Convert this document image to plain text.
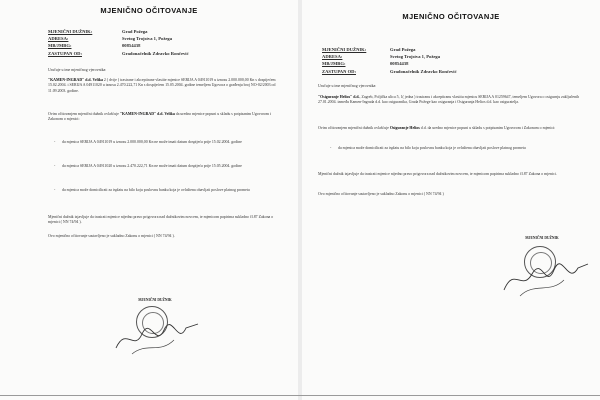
MJENIČNO OČITOVANJE
MJENIČNI DUŽNIK:	Grad Požega
ADRESA:	Svetog Trojstva 1, Požega
MB/JMBG:	00854438
ZASTUPAN OD:	Gradonačelnik Zdravko Rončević
Uručuje u ime mjeničnog vjerovnika:
"KAMEN-INGRAD" d.d. Velika 2 ( dvije ) trasirane i akceptirane vlastite mjenice SERIJA A 04911019 u iznosu 2.000.000,00 Kn s dospijećem 15.02.2004. i SERIJA A 04911020 u iznosu 2.470.222,71 Kn s dospijećem 15.05.2004. godine temeljem Ugovora o građenju broj NO-02/2003 od 11.09.2003. godine.
Ovim očitovanjem mjenični dužnik ovlašćuje "KAMEN-INGRAD" d.d. Velika da uredno mjenice popuni u skladu s potpisanim Ugovorom i Zakonom o mjenici:
- da mjenica SERIJA A 04911019 u iznosu 2.000.000,00 Kn ne može imati datum dospijeća prije 15.02.2004. godine
- da mjenica SERIJA A 04911020 u iznosu 2.470.222,71 Kn ne može imati datum dospijeća prije 15.05.2004. godine
- da mjenica može domicilirati za isplatu na bilo koju poslovnu banku koja je ovlaštena obavljati poslove platnog prometa
Mjenični dužnik izjavljuje da trasirati mjenice nijedno pravo prigovora nad dužnikovim novcem, te mjenicom papirima sukladno čl.87 Zakona o mjenici ( NN 74/94 ).
Ovo mjenično očitovanje sastavljeno je sukladno Zakonu o mjenici ( NN 74/94 ).
MJENIČNI DUŽNIK
MJENIČNO OČITOVANJE
MJENIČNI DUŽNIK:	Grad Požega
ADRESA:	Svetog Trojstva 1, Požega
MB/JMBG:	00854438
ZASTUPAN OD:	Gradonačelnik Zdravko Rončević
Uručuje u ime mjeničnog vjerovnika:
"Osiguranje Helios" d.d., Zagreb, Poljička ulica 5, 1( jedna ) trasiranu i akceptiranu vlastitu mjenicu SERIJA A 01259647, temeljem Ugovora o osigurnju zaključenih 27.01.2004. između Kamen-Ingrada d.d. kao osiguranika, Grada Požege kao osiguranja i Osiguranja Helios d.d. kao osiguratelja.
Ovim očitovanjem mjenični dužnik ovlašćuje Osiguranje Helios d.d. da uredno mjenice popuni u skladu s potpisanim Ugovorom i Zakonom o mjenici:
- da mjenica može domicilirati za isplatu na bilo koju poslovnu banku koja je ovlaštena obavljati poslove platnog prometa
Mjenični dužnik izjavljuje da trasirati mjenice nijedno pravo prigovora nad dužnikovim novcem, te mjenicom papirima sukladno čl.87 Zakona o mjenici.
Ovo mjenično očitovanje sastavljeno je sukladno Zakonu o mjenici ( NN 74/94 )
MJENIČNI DUŽNIK
